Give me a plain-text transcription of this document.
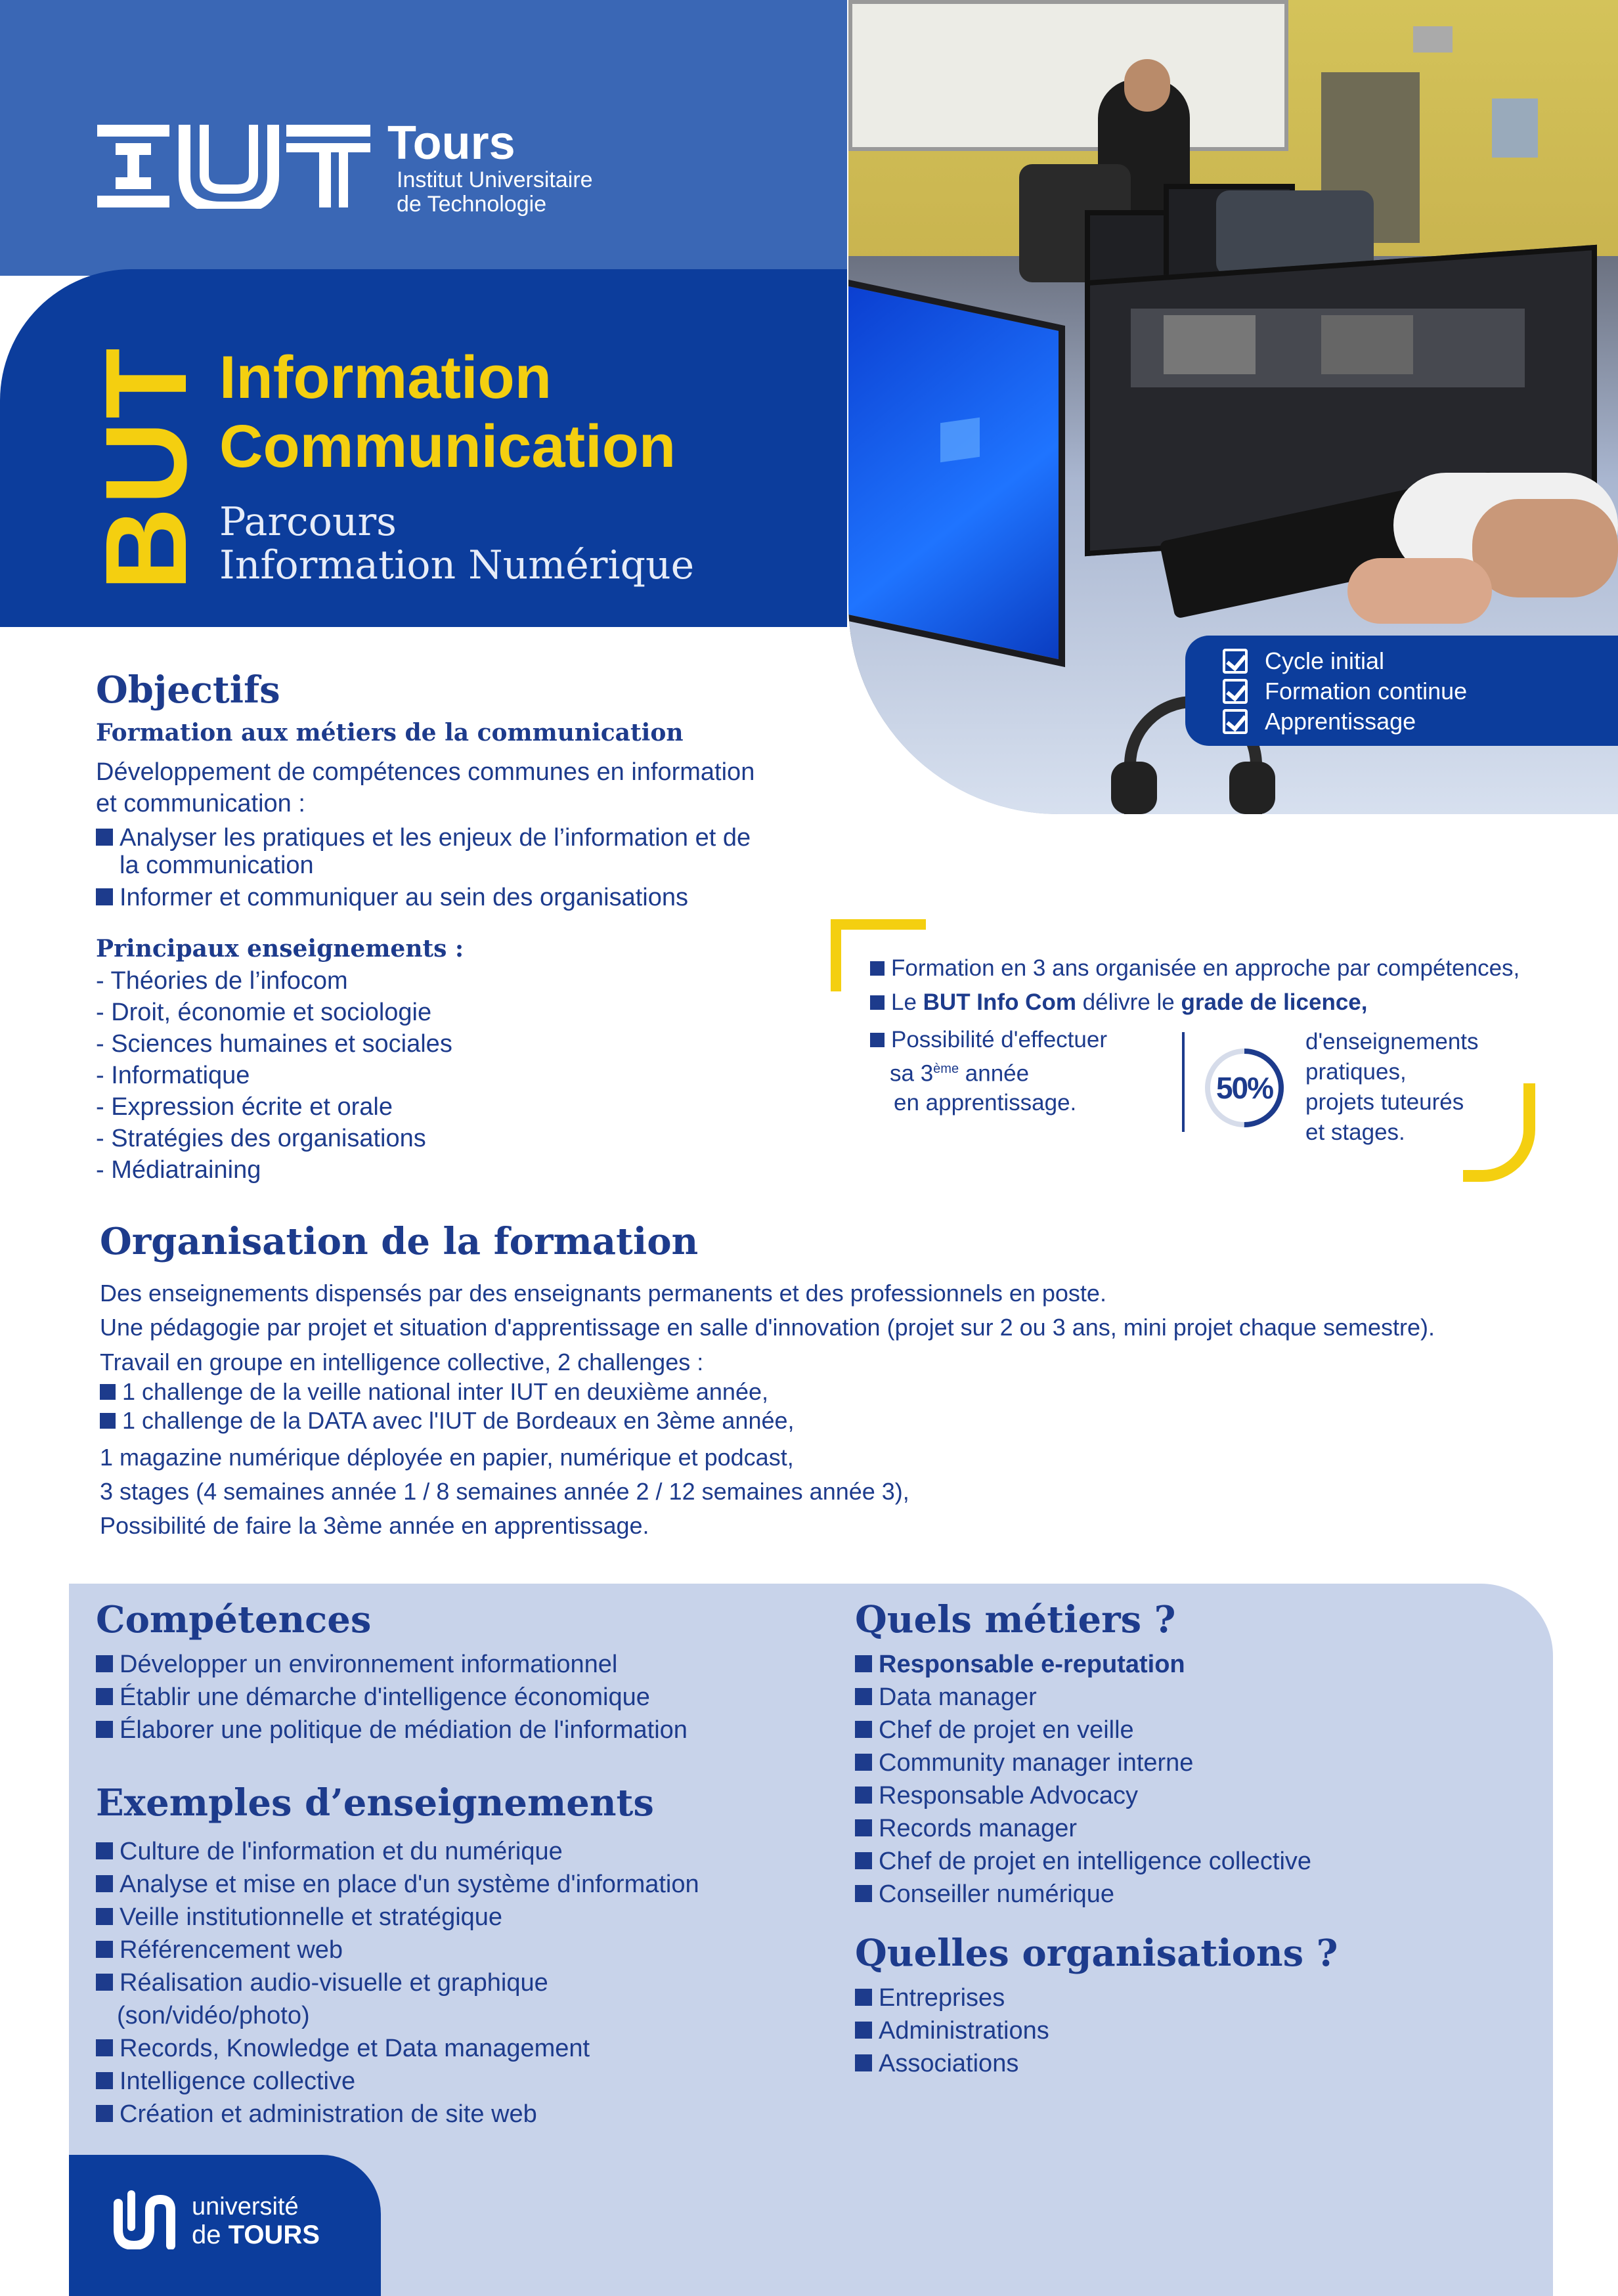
Tours
Institut Universitaire
de Technologie
BUT Information
Communication
Parcours
Information Numérique
Cycle initial
Formation continue
Apprentissage
Objectifs
Formation aux métiers de la communication
Développement de compétences communes en information
et communication :
Analyser les pratiques et les enjeux de l’information et de
la communication
Informer et communiquer au sein des organisations
Principaux enseignements :
- Théories de l’infocom
- Droit, économie et sociologie
- Sciences humaines et sociales
- Informatique
- Expression écrite et orale
- Stratégies des organisations
- Médiatraining
Formation en 3 ans organisée en approche par compétences,
Le BUT Info Com délivre le grade de licence,
Possibilité d'effectuer
sa 3ème année
en apprentissage.	50%
d'enseignements
pratiques,
projets tuteurés
et stages.
Organisation de la formation
Des enseignements dispensés par des enseignants permanents et des professionnels en poste.
Une pédagogie par projet et situation d'apprentissage en salle d'innovation (projet sur 2 ou 3 ans, mini projet chaque semestre).
Travail en groupe en intelligence collective, 2 challenges :
1 challenge de la veille national inter IUT en deuxième année,
1 challenge de la DATA avec l'IUT de Bordeaux en 3ème année,
1 magazine numérique déployée en papier, numérique et podcast,
3 stages (4 semaines année 1 / 8 semaines année 2 / 12 semaines année 3),
Possibilité de faire la 3ème année en apprentissage.
Compétences
Développer un environnement informationnel
Établir une démarche d'intelligence économique
Élaborer une politique de médiation de l'information
Exemples d’enseignements
Culture de l'information et du numérique
Analyse et mise en place d'un système d'information
Veille institutionnelle et stratégique
Référencement web
Réalisation audio-visuelle et graphique
(son/vidéo/photo)
Records, Knowledge et Data management
Intelligence collective
Création et administration de site web
Quels métiers ?
Responsable e-reputation
Data manager
Chef de projet en veille
Community manager interne
Responsable Advocacy
Records manager
Chef de projet en intelligence collective
Conseiller numérique
Quelles organisations ?
Entreprises
Administrations
Associations
université
de TOURS
